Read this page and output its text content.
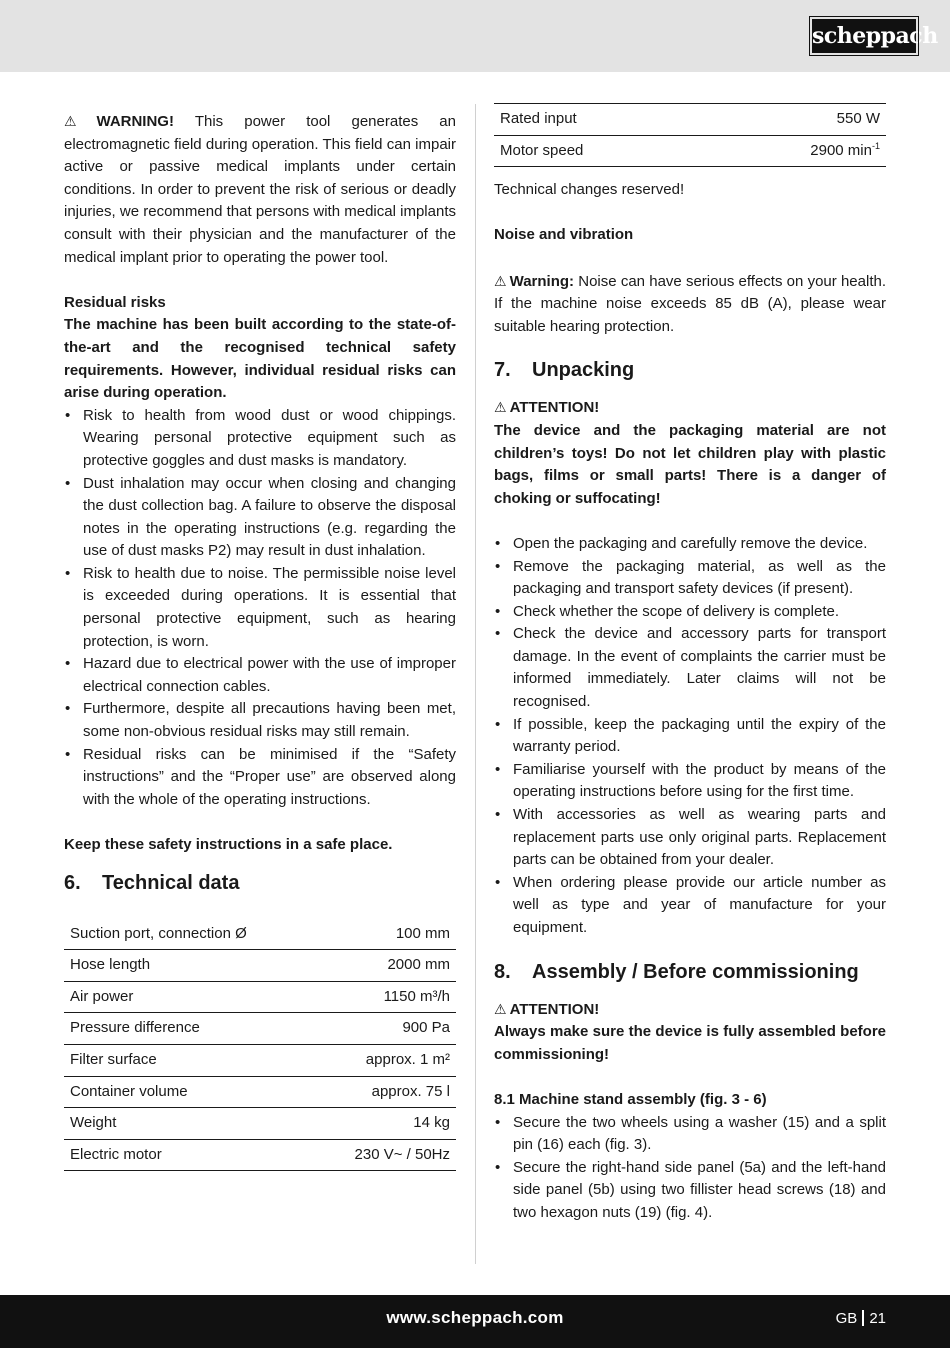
scheppach

⚠ WARNING! This power tool generates an electromagnetic field during operation. This field can impair active or passive medical implants under certain conditions. In order to prevent the risk of serious or deadly injuries, we recommend that persons with medical implants consult with their physician and the manufacturer of the medical implant prior to operating the power tool.

Residual risks

The machine has been built according to the state-of-the-art and the recognised technical safety requirements. However, individual residual risks can arise during operation.

• Risk to health from wood dust or wood chippings. Wearing personal protective equipment such as protective goggles and dust masks is mandatory.
• Dust inhalation may occur when closing and changing the dust collection bag. A failure to observe the disposal notes in the operating instructions (e.g. regarding the use of dust masks P2) may result in dust inhalation.
• Risk to health due to noise. The permissible noise level is exceeded during operations. It is essential that personal protective equipment, such as hearing protection, is worn.
• Hazard due to electrical power with the use of improper electrical connection cables.
• Furthermore, despite all precautions having been met, some non-obvious residual risks may still remain.
• Residual risks can be minimised if the “Safety instructions” and the “Proper use” are observed along with the whole of the operating instructions.

Keep these safety instructions in a safe place.

6. Technical data
Suction port, connection Ø	100 mm
Hose length	2000 mm
Air power	1150 m³/h
Pressure difference	900 Pa
Filter surface	approx. 1 m²
Container volume	approx. 75 l
Weight	14 kg
Electric motor	230 V~ / 50Hz
Rated input	550 W
Motor speed	2900 $\min^{-1}$

Technical changes reserved!

Noise and vibration

⚠ Warning: Noise can have serious effects on your health. If the machine noise exceeds 85 dB (A), please wear suitable hearing protection.

7. Unpacking

⚠ ATTENTION!

The device and the packaging material are not children’s toys! Do not let children play with plastic bags, films or small parts! There is a danger of choking or suffocating!

• Open the packaging and carefully remove the device.
• Remove the packaging material, as well as the packaging and transport safety devices (if present).
• Check whether the scope of delivery is complete.
• Check the device and accessory parts for transport damage. In the event of complaints the carrier must be informed immediately. Later claims will not be recognised.
• If possible, keep the packaging until the expiry of the warranty period.
• Familiarise yourself with the product by means of the operating instructions before using for the first time.
• With accessories as well as wearing parts and replacement parts use only original parts. Replacement parts can be obtained from your dealer.
• When ordering please provide our article number as well as type and year of manufacture for your equipment.
8. Assembly / Before commissioning

⚠ ATTENTION!

Always make sure the device is fully assembled before commissioning!

8.1 Machine stand assembly (fig. 3 - 6)

• Secure the two wheels using a washer (15) and a split pin (16) each (fig. 3).
• Secure the right-hand side panel (5a) and the left-hand side panel (5b) using two fillister head screws (18) and two hexagon nuts (19) (fig. 4).
www.scheppach.com	GB 21
